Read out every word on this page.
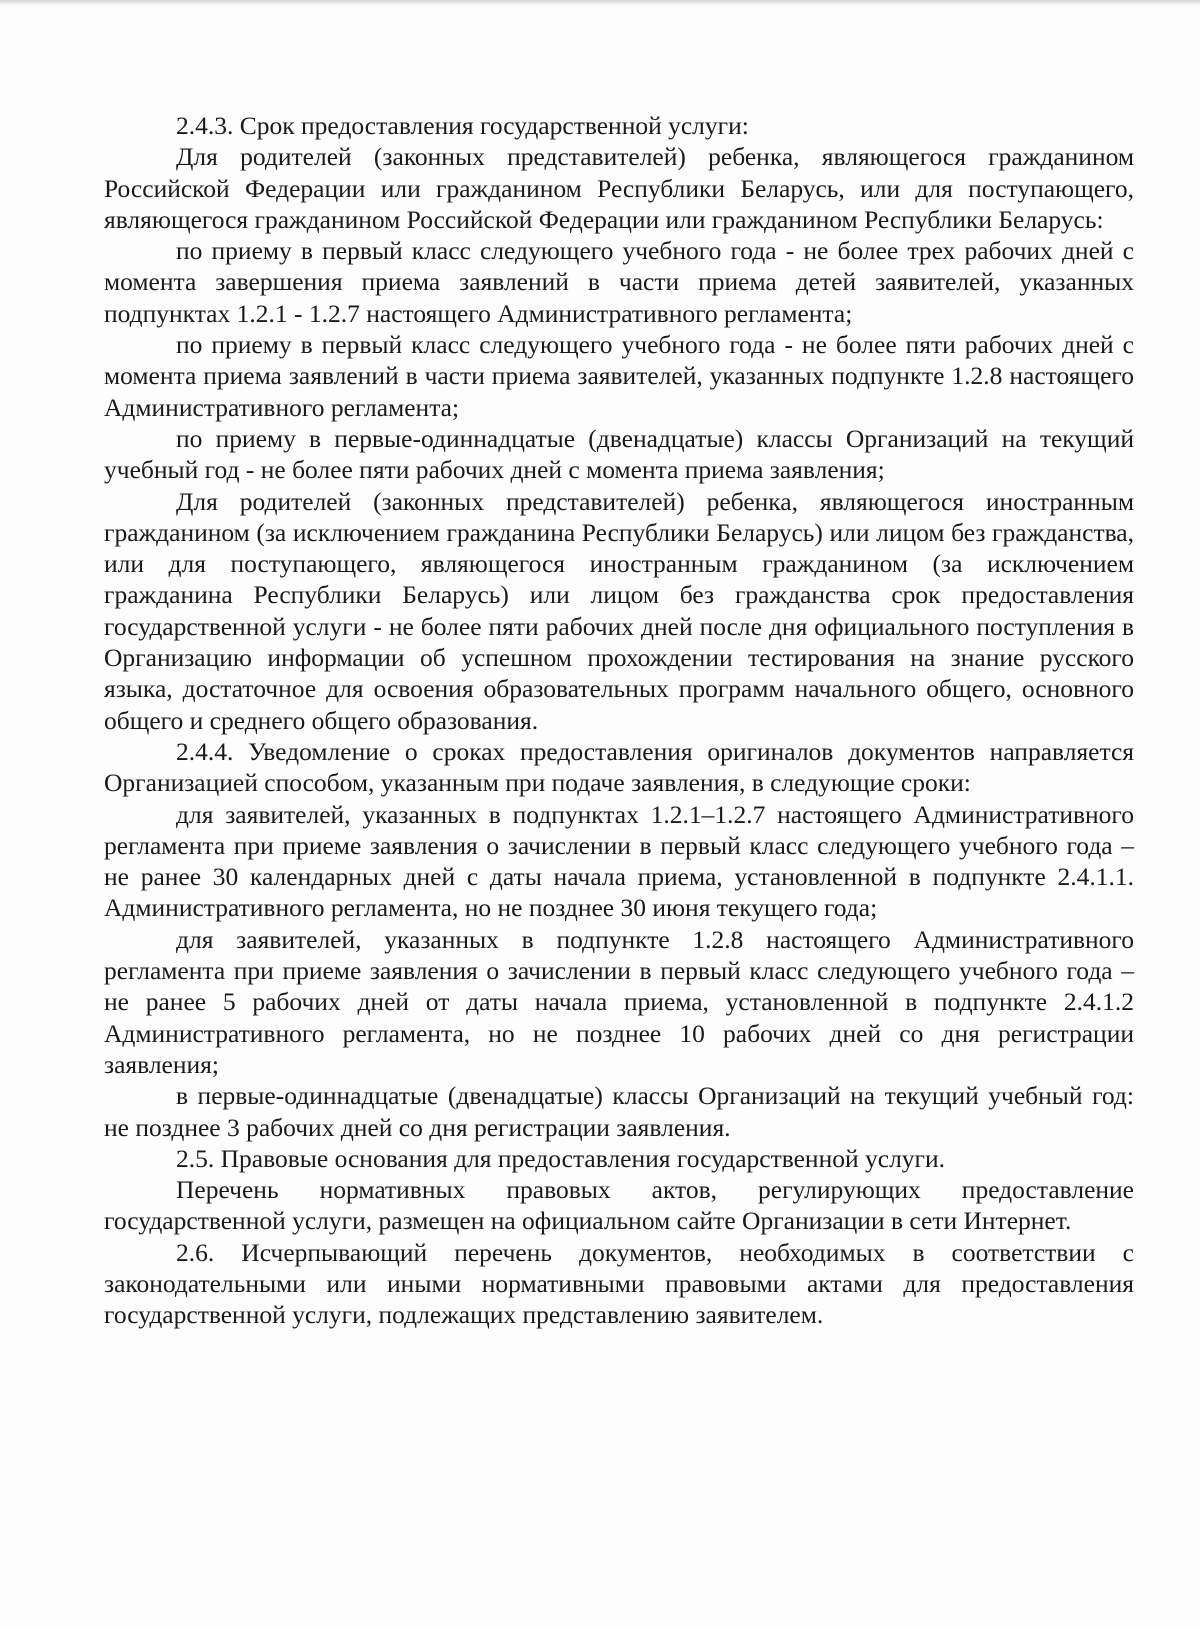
2.4.3. Срок предоставления государственной услуги:

Для родителей (законных представителей) ребенка, являющегося гражданином Российской Федерации или гражданином Республики Беларусь, или для поступающего, являющегося гражданином Российской Федерации или гражданином Республики Беларусь:

по приему в первый класс следующего учебного года - не более трех рабочих дней с момента завершения приема заявлений в части приема детей заявителей, указанных подпунктах 1.2.1 - 1.2.7 настоящего Административного регламента;

по приему в первый класс следующего учебного года - не более пяти рабочих дней с момента приема заявлений в части приема заявителей, указанных подпункте 1.2.8 настоящего Административного регламента;

по приему в первые-одиннадцатые (двенадцатые) классы Организаций на текущий учебный год - не более пяти рабочих дней с момента приема заявления;

Для родителей (законных представителей) ребенка, являющегося иностранным гражданином (за исключением гражданина Республики Беларусь) или лицом без гражданства, или для поступающего, являющегося иностранным гражданином (за исключением гражданина Республики Беларусь) или лицом без гражданства срок предоставления государственной услуги - не более пяти рабочих дней после дня официального поступления в Организацию информации об успешном прохождении тестирования на знание русского языка, достаточное для освоения образовательных программ начального общего, основного общего и среднего общего образования.

2.4.4. Уведомление о сроках предоставления оригиналов документов направляется Организацией способом, указанным при подаче заявления, в следующие сроки:

для заявителей, указанных в подпунктах 1.2.1–1.2.7 настоящего Административного регламента при приеме заявления о зачислении в первый класс следующего учебного года – не ранее 30 календарных дней с даты начала приема, установленной в подпункте 2.4.1.1. Административного регламента, но не позднее 30 июня текущего года;

для заявителей, указанных в подпункте 1.2.8 настоящего Административного регламента при приеме заявления о зачислении в первый класс следующего учебного года – не ранее 5 рабочих дней от даты начала приема, установленной в подпункте 2.4.1.2 Административного регламента, но не позднее 10 рабочих дней со дня регистрации заявления;

в первые-одиннадцатые (двенадцатые) классы Организаций на текущий учебный год: не позднее 3 рабочих дней со дня регистрации заявления.

2.5. Правовые основания для предоставления государственной услуги.

Перечень нормативных правовых актов, регулирующих предоставление государственной услуги, размещен на официальном сайте Организации в сети Интернет.

2.6. Исчерпывающий перечень документов, необходимых в соответствии с законодательными или иными нормативными правовыми актами для предоставления государственной услуги, подлежащих представлению заявителем.
